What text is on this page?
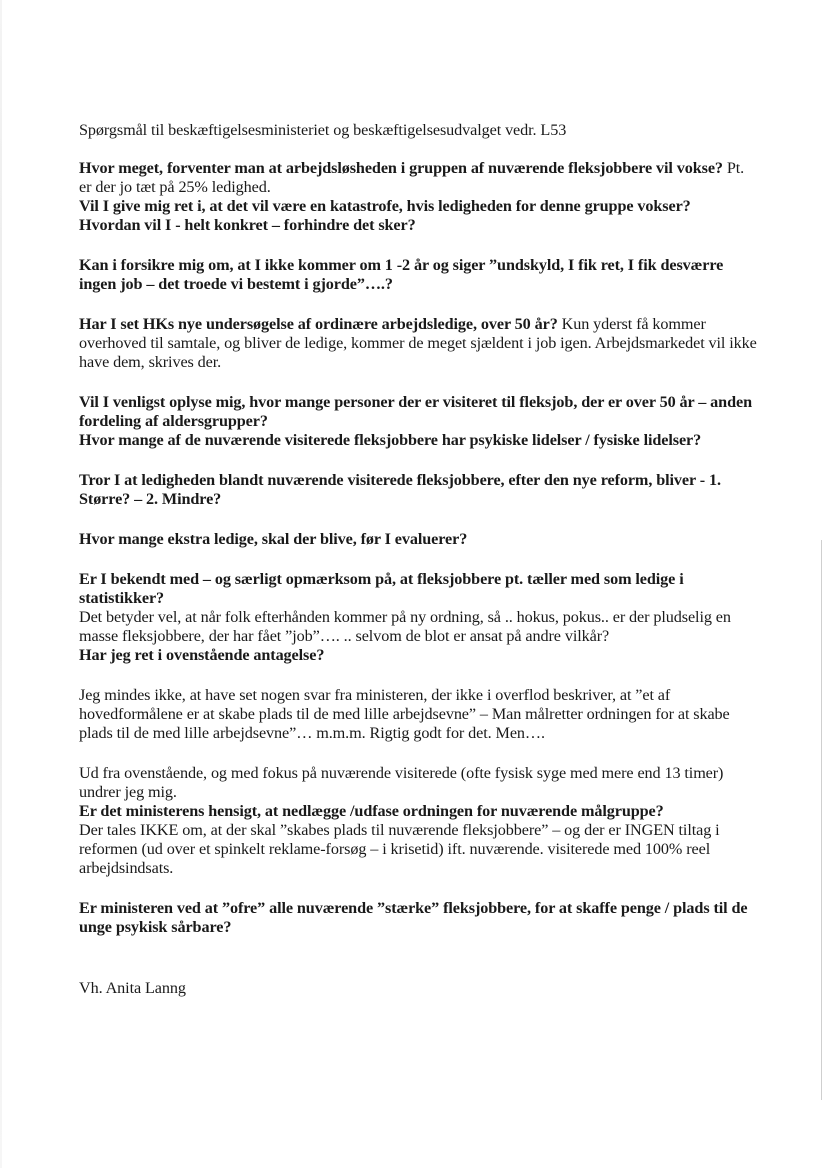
Spørgsmål til beskæftigelsesministeriet og beskæftigelsesudvalget vedr. L53

Hvor meget, forventer man at arbejdsløsheden i gruppen af nuværende fleksjobbere vil vokse? Pt. er der jo tæt på 25% ledighed.

Vil I give mig ret i, at det vil være en katastrofe, hvis ledigheden for denne gruppe vokser?

Hvordan vil I - helt konkret – forhindre det sker?

Kan i forsikre mig om, at I ikke kommer om 1 -2 år og siger ”undskyld, I fik ret, I fik desværre ingen job – det troede vi bestemt i gjorde”….?

Har I set HKs nye undersøgelse af ordinære arbejdsledige, over 50 år? Kun yderst få kommer overhoved til samtale, og bliver de ledige, kommer de meget sjældent i job igen. Arbejdsmarkedet vil ikke have dem, skrives der.

Vil I venligst oplyse mig, hvor mange personer der er visiteret til fleksjob, der er over 50 år – anden fordeling af aldersgrupper?

Hvor mange af de nuværende visiterede fleksjobbere har psykiske lidelser / fysiske lidelser?

Tror I at ledigheden blandt nuværende visiterede fleksjobbere, efter den nye reform, bliver - 1. Større? – 2. Mindre?

Hvor mange ekstra ledige, skal der blive, før I evaluerer?

Er I bekendt med – og særligt opmærksom på, at fleksjobbere pt. tæller med som ledige i statistikker?

Det betyder vel, at når folk efterhånden kommer på ny ordning, så .. hokus, pokus.. er der pludselig en masse fleksjobbere, der har fået ”job”…. .. selvom de blot er ansat på andre vilkår?

Har jeg ret i ovenstående antagelse?

Jeg mindes ikke, at have set nogen svar fra ministeren, der ikke i overflod beskriver, at ”et af hovedformålene er at skabe plads til de med lille arbejdsevne” – Man målretter ordningen for at skabe plads til de med lille arbejdsevne”… m.m.m. Rigtig godt for det. Men….

Ud fra ovenstående, og med fokus på nuværende visiterede (ofte fysisk syge med mere end 13 timer) undrer jeg mig.

Er det ministerens hensigt, at nedlægge /udfase ordningen for nuværende målgruppe?

Der tales IKKE om, at der skal ”skabes plads til nuværende fleksjobbere” – og der er INGEN tiltag i reformen (ud over et spinkelt reklame-forsøg – i krisetid) ift. nuværende. visiterede med 100% reel arbejdsindsats.

Er ministeren ved at ”ofre” alle nuværende ”stærke” fleksjobbere, for at skaffe penge / plads til de unge psykisk sårbare?

Vh. Anita Lanng
